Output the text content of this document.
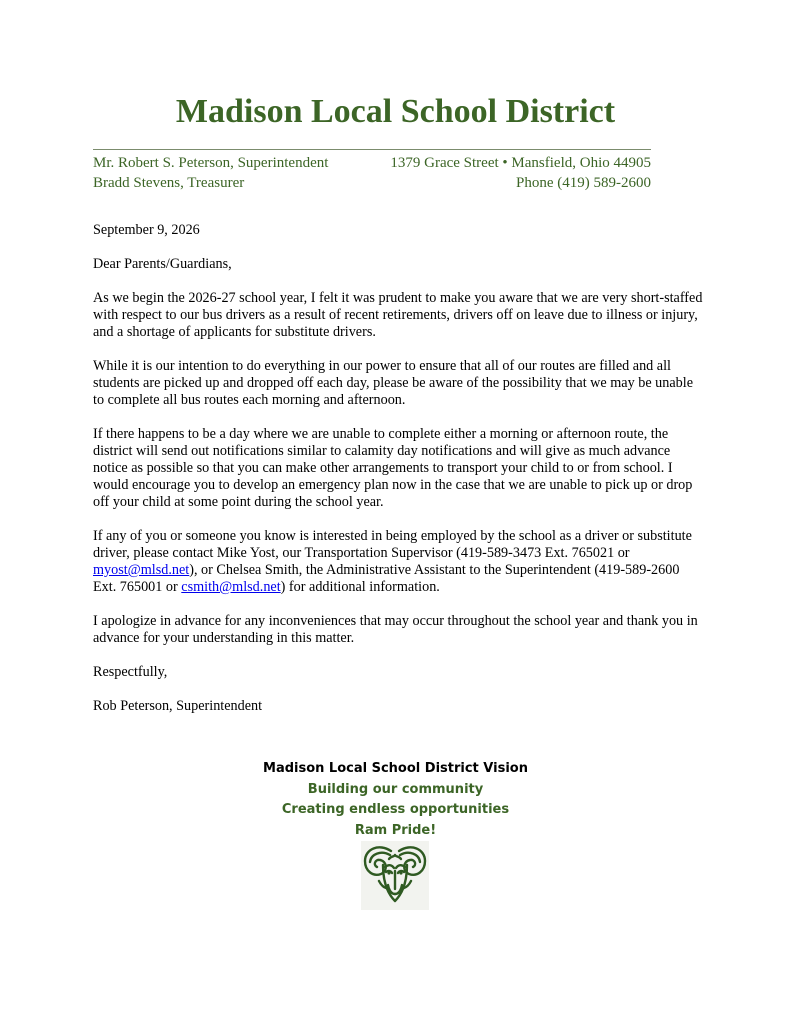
Madison Local School District
Mr. Robert S. Peterson, Superintendent	1379 Grace Street • Mansfield, Ohio 44905
Bradd Stevens, Treasurer	Phone (419) 589-2600

September 9, 2026

Dear Parents/Guardians,

As we begin the 2026-27 school year, I felt it was prudent to make you aware that we are very short-staffed with respect to our bus drivers as a result of recent retirements, drivers off on leave due to illness or injury, and a shortage of applicants for substitute drivers.

While it is our intention to do everything in our power to ensure that all of our routes are filled and all students are picked up and dropped off each day, please be aware of the possibility that we may be unable to complete all bus routes each morning and afternoon.

If there happens to be a day where we are unable to complete either a morning or afternoon route, the district will send out notifications similar to calamity day notifications and will give as much advance notice as possible so that you can make other arrangements to transport your child to or from school. I would encourage you to develop an emergency plan now in the case that we are unable to pick up or drop off your child at some point during the school year.

If any of you or someone you know is interested in being employed by the school as a driver or substitute driver, please contact Mike Yost, our Transportation Supervisor (419-589-3473 Ext. 765021 or myost@mlsd.net), or Chelsea Smith, the Administrative Assistant to the Superintendent (419-589-2600 Ext. 765001 or csmith@mlsd.net) for additional information.

I apologize in advance for any inconveniences that may occur throughout the school year and thank you in advance for your understanding in this matter.

Respectfully,

Rob Peterson, Superintendent

Madison Local School District Vision
Building our community
Creating endless opportunities
Ram Pride!
